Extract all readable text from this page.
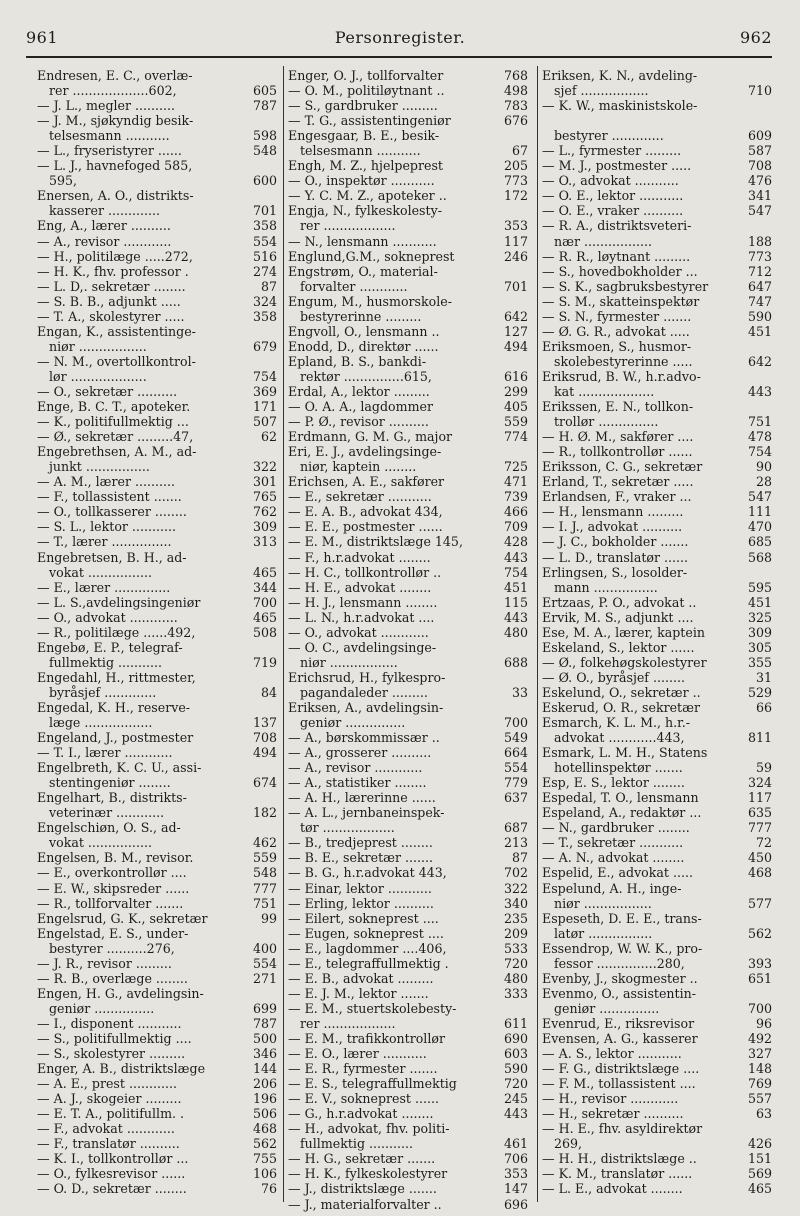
961	Personregister.	962
Endresen, E. C., overlæ-
rer ...................602,	605
— J. L., megler ..........	787
— J. M., sjøkyndig besik-
telsesmann ...........	598
— L., fryseristyrer ......	548
— L. J., havnefoged 585,
595,	600
Enersen, A. O., distrikts-
kasserer .............	701
Eng, A., lærer ..........	358
— A., revisor ............	554
— H., politilæge .....272,	516
— H. K., fhv. professor .	274
— L. D,. sekretær ........	87
— S. B. B., adjunkt .....	324
— T. A., skolestyrer .....	358
Engan, K., assistentinge-
niør .................	679
— N. M., overtollkontrol-
lør ...................	754
— O., sekretær ..........	369
Enge, B. C. T., apoteker.	171
— K., politifullmektig ...	507
— Ø., sekretær .........47,	62
Engebrethsen, A. M., ad-
junkt ................	322
— A. M., lærer ..........	301
— F., tollassistent .......	765
— O., tollkasserer ........	762
— S. L., lektor ...........	309
— T., lærer ...............	313
Engebretsen, B. H., ad-
vokat ................	465
— E., lærer ..............	344
— L. S.,avdelingsingeniør	700
— O., advokat ............	465
— R., politilæge ......492,	508
Engebø, E. P., telegraf-
fullmektig ...........	719
Engedahl, H., rittmester,
byråsjef .............	84
Engedal, K. H., reserve-
læge .................	137
Engeland, J., postmester	708
— T. I., lærer ............	494
Engelbreth, K. C. U., assi-
stentingeniør ........	674
Engelhart, B., distrikts-
veterinær ............	182
Engelschiøn, O. S., ad-
vokat ................	462
Engelsen, B. M., revisor.	559
— E., overkontrollør ....	548
— E. W., skipsreder ......	777
— R., tollforvalter .......	751
Engelsrud, G. K., sekretær	99
Engelstad, E. S., under-
bestyrer ..........276,	400
— J. R., revisor .........	554
— R. B., overlæge ........	271
Engen, H. G., avdelingsin-
geniør ...............	699
— I., disponent ...........	787
— S., politifullmektig ....	500
— S., skolestyrer .........	346
Enger, A. B., distriktslæge	144
— A. E., prest ............	206
— A. J., skogeier .........	196
— E. T. A., politifullm. .	506
— F., advokat ............	468
— F., translatør ..........	562
— K. I., tollkontrollør ...	755
— O., fylkesrevisor ......	106
— O. D., sekretær ........	76
Enger, O. J., tollforvalter	768
— O. M., politiløytnant ..	498
— S., gardbruker .........	783
— T. G., assistentingeniør	676
Engesgaar, B. E., besik-
telsesmann ...........	67
Engh, M. Z., hjelpeprest	205
— O., inspektør ...........	773
— Y. C. M. Z., apoteker ..	172
Engja, N., fylkeskolesty-
rer ..................	353
— N., lensmann ...........	117
Englund,G.M., sokneprest	246
Engstrøm, O., material-
forvalter ............	701
Engum, M., husmorskole-
bestyrerinne .........	642
Engvoll, O., lensmann ..	127
Enodd, D., direktør ......	494
Epland, B. S., bankdi-
rektør ...............615,	616
Erdal, A., lektor .........	299
— O. A. A., lagdommer	405
— P. Ø., revisor ..........	559
Erdmann, G. M. G., major	774
Eri, E. J., avdelingsinge-
niør, kaptein ........	725
Erichsen, A. E., sakfører	471
— E., sekretær ...........	739
— E. A. B., advokat 434,	466
— E. E., postmester ......	709
— E. M., distriktslæge 145,	428
— F., h.r.advokat ........	443
— H. C., tollkontrollør ..	754
— H. E., advokat ........	451
— H. J., lensmann ........	115
— L. N., h.r.advokat ....	443
— O., advokat ............	480
— O. C., avdelingsinge-
niør .................	688
Erichsrud, H., fylkespro-
pagandaleder .........	33
Eriksen, A., avdelingsin-
geniør ...............	700
— A., børskommissær ..	549
— A., grosserer ..........	664
— A., revisor ............	554
— A., statistiker ........	779
— A. H., lærerinne ......	637
— A. L., jernbaneinspek-
tør ..................	687
— B., tredjeprest ........	213
— B. E., sekretær .......	87
— B. G., h.r.advokat 443,	702
— Einar, lektor ...........	322
— Erling, lektor ..........	340
— Eilert, sokneprest ....	235
— Eugen, sokneprest ....	209
— E., lagdommer ....406,	533
— E., telegraffullmektig .	720
— E. B., advokat .........	480
— E. J. M., lektor .......	333
— E. M., stuertskolebesty-
rer ..................	611
— E. M., trafikkontrollør	690
— E. O., lærer ...........	603
— E. R., fyrmester .......	590
— E. S., telegraffullmektig	720
— E. V., sokneprest ......	245
— G., h.r.advokat ........	443
— H., advokat, fhv. politi-
fullmektig ...........	461
— H. G., sekretær .......	706
— H. K., fylkeskolestyrer	353
— J., distriktslæge .......	147
— J., materialforvalter ..	696
Eriksen, K. N., avdeling-
sjef .................	710
— K. W., maskinistskole-
bestyrer .............	609
— L., fyrmester .........	587
— M. J., postmester .....	708
— O., advokat ...........	476
— O. E., lektor ...........	341
— O. E., vraker ..........	547
— R. A., distriktsveteri-
nær .................	188
— R. R., løytnant .........	773
— S., hovedbokholder ...	712
— S. K., sagbruksbestyrer	647
— S. M., skatteinspektør	747
— S. N., fyrmester .......	590
— Ø. G. R., advokat .....	451
Eriksmoen, S., husmor-
skolebestyrerinne .....	642
Eriksrud, B. W., h.r.advo-
kat ...................	443
Erikssen, E. N., tollkon-
trollør ...............	751
— H. Ø. M., sakfører ....	478
— R., tollkontrollør ......	754
Eriksson, C. G., sekretær	90
Erland, T., sekretær .....	28
Erlandsen, F., vraker ...	547
— H., lensmann .........	111
— I. J., advokat ..........	470
— J. C., bokholder .......	685
— L. D., translatør ......	568
Erlingsen, S., losolder-
mann ................	595
Ertzaas, P. O., advokat ..	451
Ervik, M. S., adjunkt ....	325
Ese, M. A., lærer, kaptein	309
Eskeland, S., lektor ......	305
— Ø., folkehøgskolestyrer	355
— Ø. O., byråsjef ........	31
Eskelund, O., sekretær ..	529
Eskerud, O. R., sekretær	66
Esmarch, K. L. M., h.r.-
advokat ............443,	811
Esmark, L. M. H., Statens
hotellinspektør .......	59
Esp, E. S., lektor ........	324
Espedal, T. O., lensmann	117
Espeland, A., redaktør ...	635
— N., gardbruker ........	777
— T., sekretær ...........	72
— A. N., advokat ........	450
Espelid, E., advokat .....	468
Espelund, A. H., inge-
niør .................	577
Espeseth, D. E. E., trans-
latør ................	562
Essendrop, W. W. K., pro-
fessor ...............280,	393
Evenby, J., skogmester ..	651
Evenmo, O., assistentin-
geniør ...............	700
Evenrud, E., riksrevisor	96
Evensen, A. G., kasserer	492
— A. S., lektor ...........	327
— F. G., distriktslæge ....	148
— F. M., tollassistent ....	769
— H., revisor ............	557
— H., sekretær ..........	63
— H. E., fhv. asyldirektør
269,	426
— H. H., distriktslæge ..	151
— K. M., translatør ......	569
— L. E., advokat ........	465
